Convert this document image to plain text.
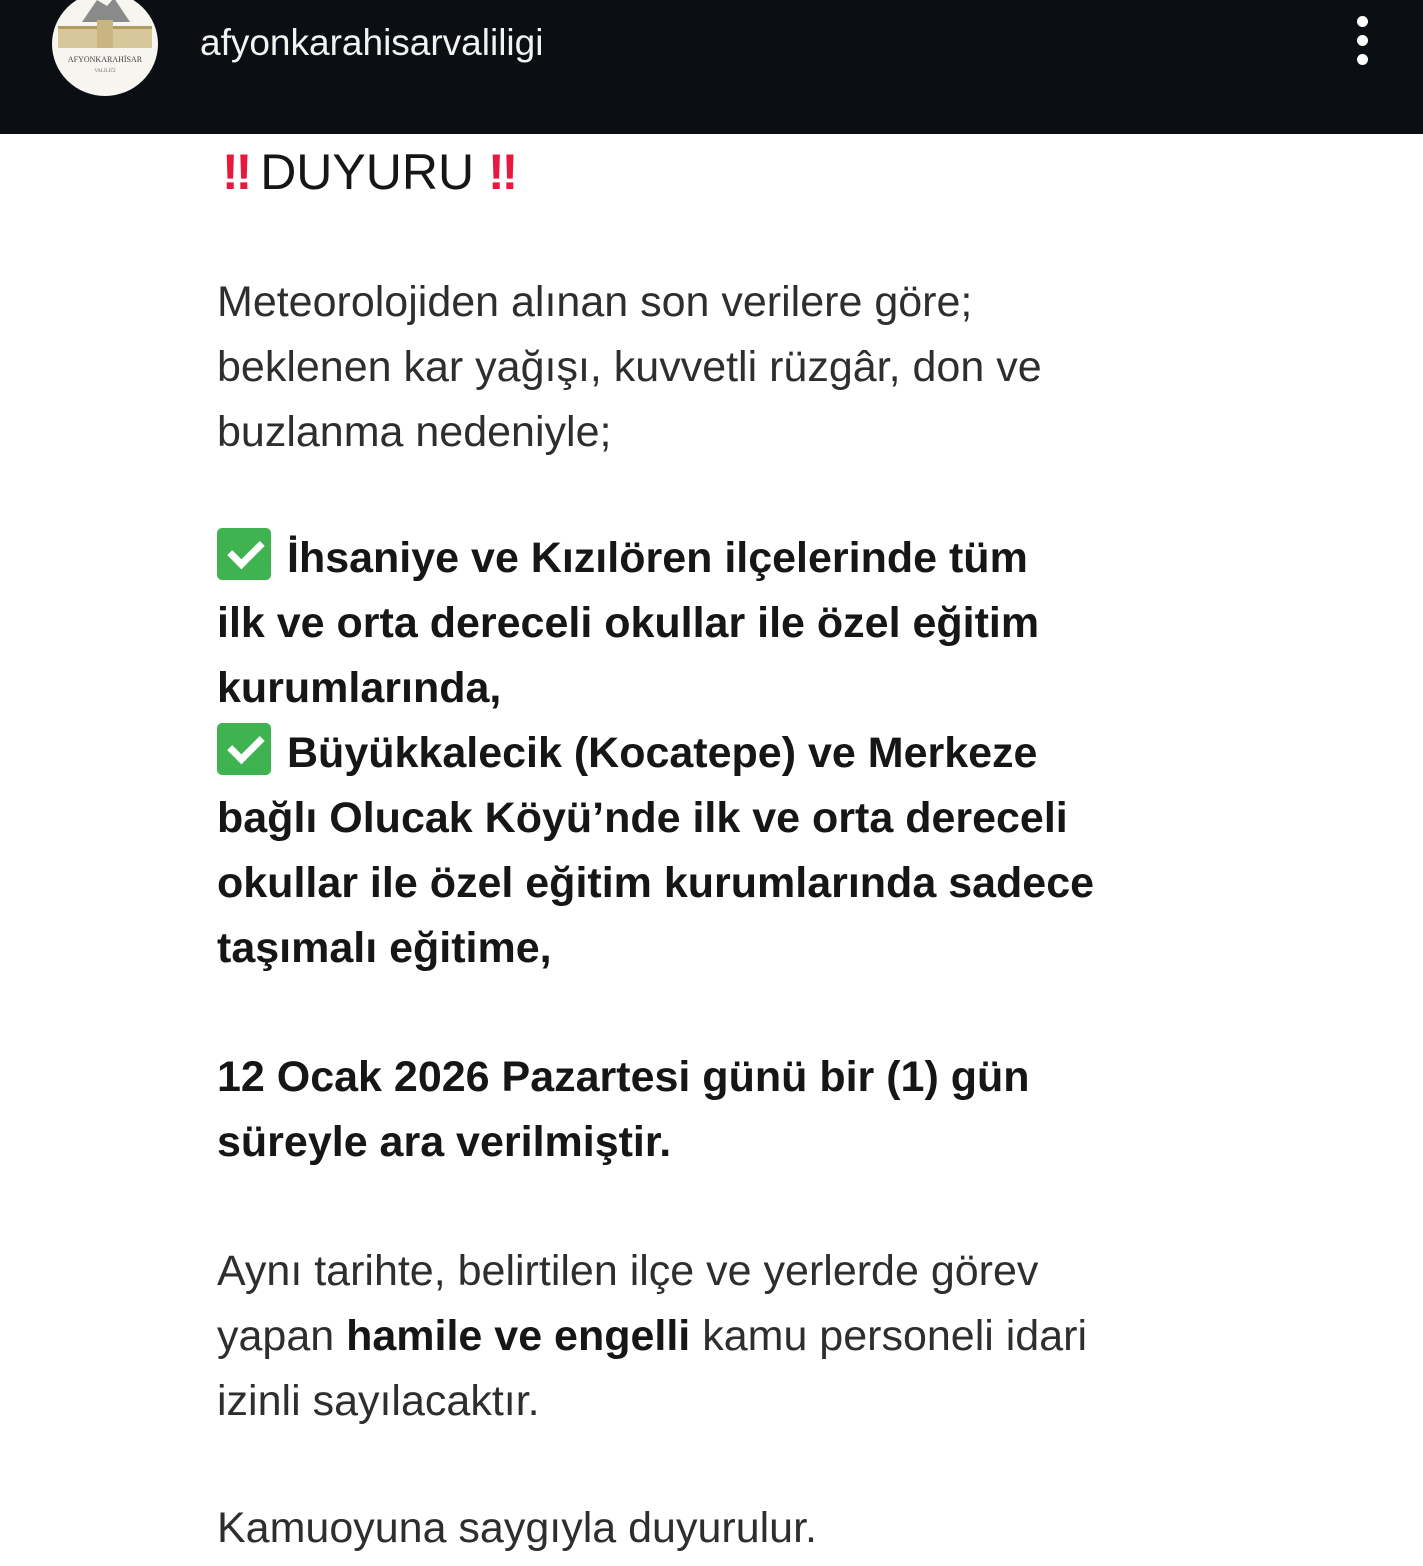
AFYONKARAHİSAR
VALİLİĞİ
afyonkarahisarvaliligi
‼ DUYURU ‼
Meteorolojiden alınan son verilere göre;
beklenen kar yağışı, kuvvetli rüzgâr, don ve
buzlanma nedeniyle;
İhsaniye ve Kızılören ilçelerinde tüm
ilk ve orta dereceli okullar ile özel eğitim
kurumlarında,
Büyükkalecik (Kocatepe) ve Merkeze
bağlı Olucak Köyü’nde ilk ve orta dereceli
okullar ile özel eğitim kurumlarında sadece
taşımalı eğitime,
12 Ocak 2026 Pazartesi günü bir (1) gün
süreyle ara verilmiştir.
Aynı tarihte, belirtilen ilçe ve yerlerde görev
yapan hamile ve engelli kamu personeli idari
izinli sayılacaktır.
Kamuoyuna saygıyla duyurulur.
